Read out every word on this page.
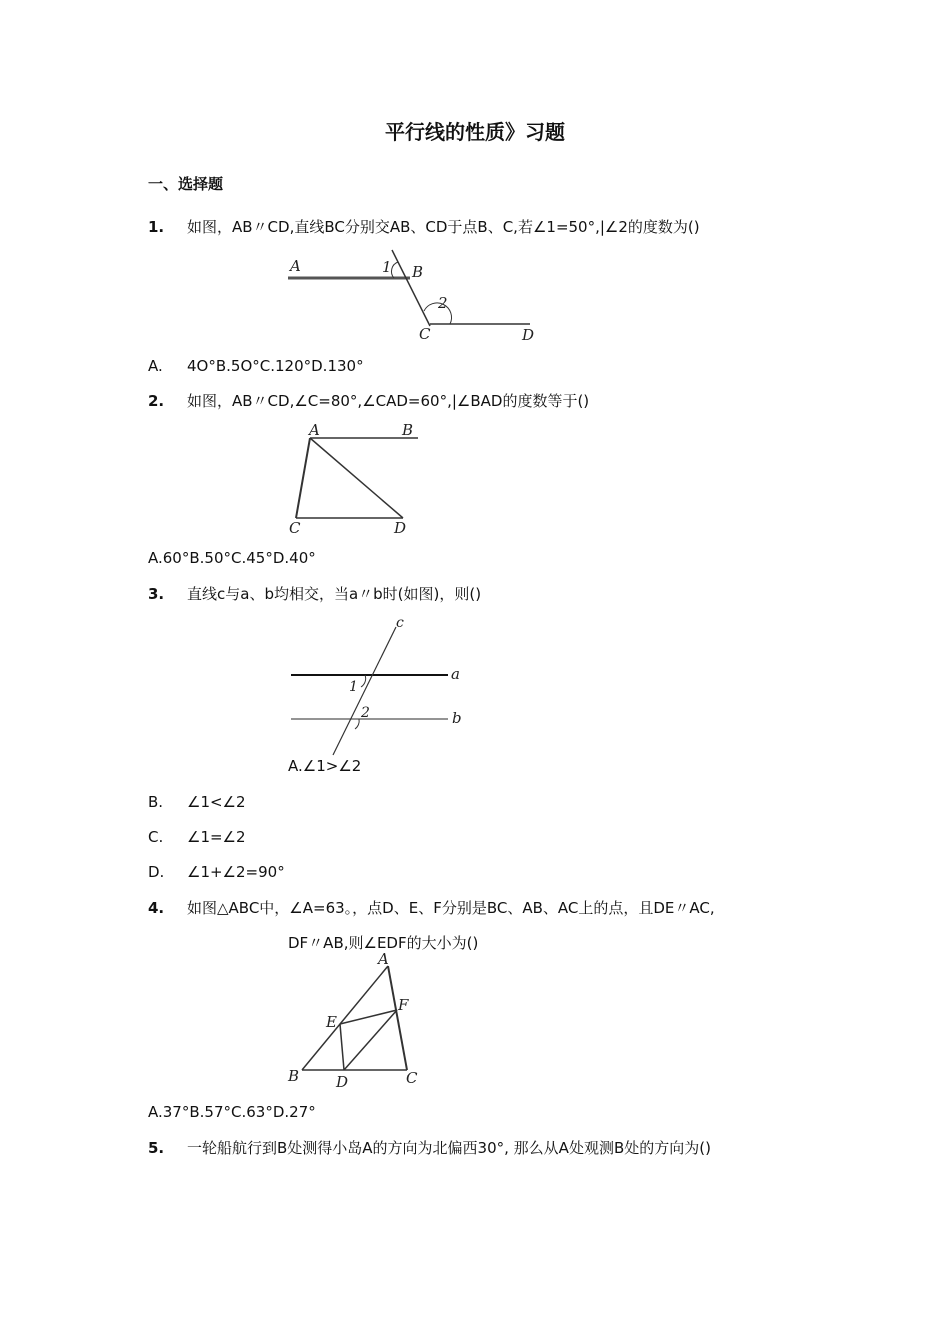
平行线的性质》习题
一、选择题
1. 如图，AB〃CD,直线BC分别交AB、CD于点B、C,若∠1=50°,|∠2的度数为()
A	1 B
2
C	D
A. 4O°B.5O°C.120°D.130°
2. 如图，AB〃CD,∠C=80°,∠CAD=60°,|∠BAD的度数等于()
A	B
C	D
A.60°B.50°C.45°D.40°
3. 直线c与a、b均相交，当a〃b时(如图)，则()
c
a
b
1
2
A.∠1>∠2
B. ∠1<∠2
C. ∠1=∠2
D. ∠1+∠2=90°
4. 如图△ABC中，∠A=63。，点D、E、F分别是BC、AB、AC上的点，且DE〃AC,
DF〃AB,则∠EDF的大小为()
A
E
F
B D	C
A.37°B.57°C.63°D.27°
5. 一轮船航行到B处测得小岛A的方向为北偏西30°, 那么从A处观测B处的方向为()
